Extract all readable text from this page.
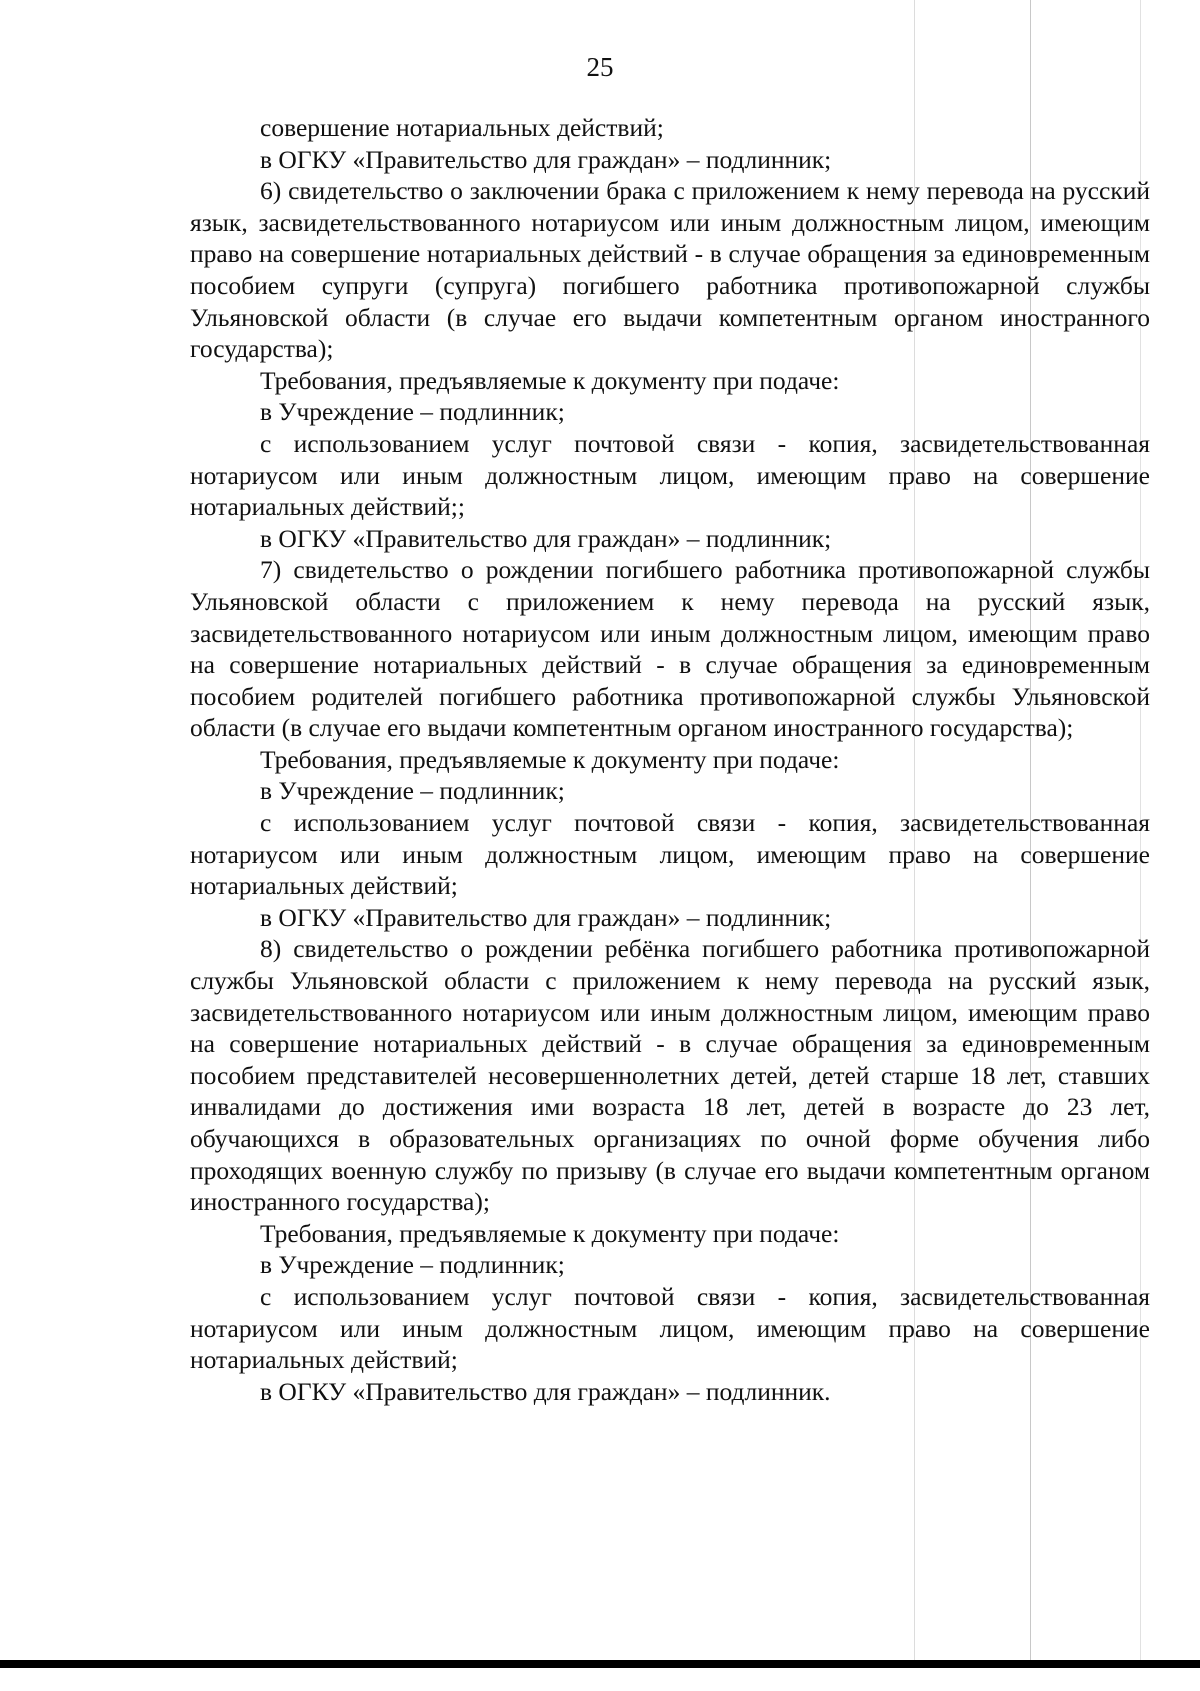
25

совершение нотариальных действий;

в ОГКУ «Правительство для граждан» – подлинник;

6) свидетельство о заключении брака с приложением к нему перевода на русский язык, засвидетельствованного нотариусом или иным должностным лицом, имеющим право на совершение нотариальных действий - в случае обращения за единовременным пособием супруги (супруга) погибшего работника противопожарной службы Ульяновской области (в случае его выдачи компетентным органом иностранного государства);

Требования, предъявляемые к документу при подаче:

в Учреждение – подлинник;

с использованием услуг почтовой связи - копия, засвидетельствованная нотариусом или иным должностным лицом, имеющим право на совершение нотариальных действий;;

в ОГКУ «Правительство для граждан» – подлинник;

7) свидетельство о рождении погибшего работника противопожарной службы Ульяновской области с приложением к нему перевода на русский язык, засвидетельствованного нотариусом или иным должностным лицом, имеющим право на совершение нотариальных действий - в случае обращения за единовременным пособием родителей погибшего работника противопожарной службы Ульяновской области (в случае его выдачи компетентным органом иностранного государства);

Требования, предъявляемые к документу при подаче:

в Учреждение – подлинник;

с использованием услуг почтовой связи - копия, засвидетельствованная нотариусом или иным должностным лицом, имеющим право на совершение нотариальных действий;

в ОГКУ «Правительство для граждан» – подлинник;

8) свидетельство о рождении ребёнка погибшего работника противопожарной службы Ульяновской области с приложением к нему перевода на русский язык, засвидетельствованного нотариусом или иным должностным лицом, имеющим право на совершение нотариальных действий - в случае обращения за единовременным пособием представителей несовершеннолетних детей, детей старше 18 лет, ставших инвалидами до достижения ими возраста 18 лет, детей в возрасте до 23 лет, обучающихся в образовательных организациях по очной форме обучения либо проходящих военную службу по призыву (в случае его выдачи компетентным органом иностранного государства);

Требования, предъявляемые к документу при подаче:

в Учреждение – подлинник;

с использованием услуг почтовой связи - копия, засвидетельствованная нотариусом или иным должностным лицом, имеющим право на совершение нотариальных действий;

в ОГКУ «Правительство для граждан» – подлинник.
